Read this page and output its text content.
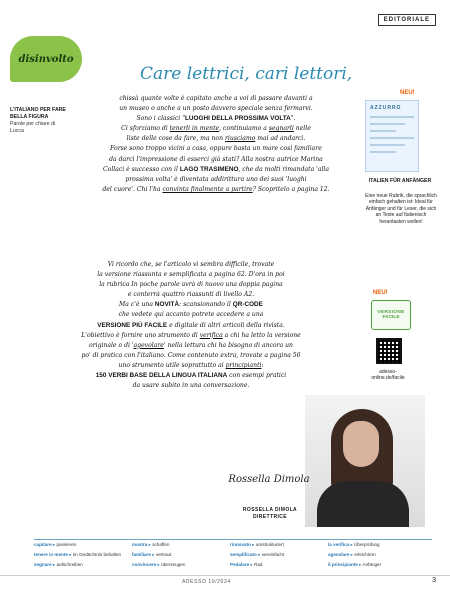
EDITORIALE
disinvolto
Care lettrici, cari lettori,
L'ITALIANO PER FARE BELLA FIGURA
Parole per chiare di Lucca
chissà quante volte è capitato anche a voi di passare davanti a
un museo o anche a un posto davvero speciale senza fermarvi.
Sono i classici "LUOGHI DELLA PROSSIMA VOLTA".
Ci sforziamo di tenerli in mente, continuiamo a segnarli nelle
liste delle cose da fare, ma non riusciamo mai ad andarci.
Forse sono troppo vicini a casa, oppure basta un mare così familiare
da darci l'impressione di esserci già stati? Alla nostra autrice Marina
Collaci è successo con il LAGO TRASIMENO, che da molti rimandata 'alla
prossima volta' è diventata addirittura uno dei suoi 'luoghi
del cuore'. Chi l'ha convinta finalmente a partire? Scopritelo a pagina 12.
Vi ricordo che, se l'articolo vi sembra difficile, trovate
la versione riassunta e semplificata a pagina 62. D'ora in poi
la rubrica In poche parole avrà di nuovo una doppia pagina
e conterrà quattro riassunti di livello A2.
Ma c'è una NOVITÀ: scansionando il QR-CODE
che vedete qui accanto potrete accedere a una
VERSIONE PIÙ FACILE e digitale di altri articoli della rivista.
L'obiettivo è fornire uno strumento di verifica a chi ha letto la versione
originale o di 'agevolare' nella lettura chi ha bisogno di ancora un
po' di pratica con l'italiano. Come contenuto extra, trovate a pagina 56
uno strumento utile soprattutto ai principianti:
150 VERBI BASE DELLA LINGUA ITALIANA con esempi pratici
da usare subito in una conversazione.
NEU!
AZZURRO
ITALIEN FÜR ANFÄNGER
Eine neue Rubrik, die sprachlich einfach gehalten ist: Ideal für Anfänger und für Leser, die sich an Texte auf Italienisch herantasten wollen!
NEU!
VERSIONE
FACILE
adesso-online.de/facile
Rossella Dimola
ROSSELLA DIMOLA
DIRETTRICE
capitare ▸ passieren	mostra ▸ schaffen	rinnovato ▸ umstrukturiert	la verifica ▸ Überprüfung
tenere in mente ▸ im Gedächtnis behalten	familiare ▸ vertraut	semplificato ▸ vereinfacht	agevolare ▸ erleichtern
segnare ▸ aufschreiben	convincere ▸ überzeugen	Pedalare ▸ Rad	il principiante ▸ Anfänger
ADESSO 10/2024	3
